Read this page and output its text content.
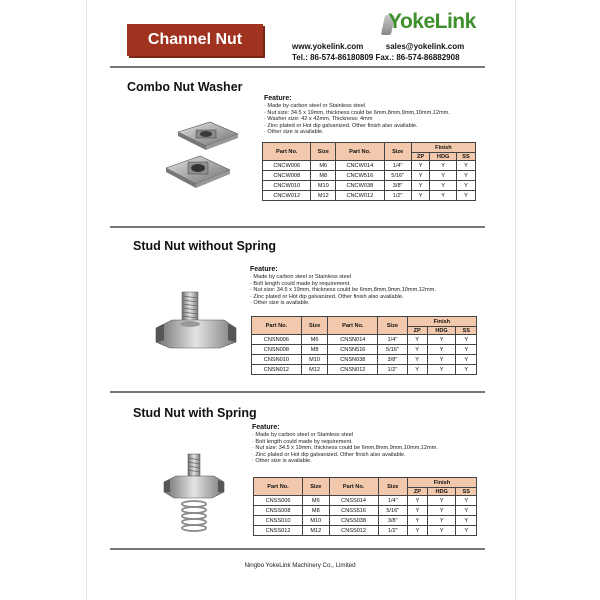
Channel Nut
YokeLink
www.yokelink.com	sales@yokelink.com
Tel.: 86-574-86180809 Fax.: 86-574-86882908
Combo Nut Washer
Feature:
· Made by carbon steel or Stainless steel
· Nut size: 34.5 x 19mm, thickness could be 6mm,8mm,9mm,10mm,12mm.
· Washer size: 42 x 42mm, Thickness: 4mm
· Zinc plated or Hot dip galvanized. Other finish also available.
· Other size is available.
Part No.	Size	Part No.	Size	Finish		
				ZP	HDG	SS
CNCW006	M6	CNCW014	1/4"	Y	Y	Y
CNCW008	M8	CNCW516	5/16"	Y	Y	Y
CNCW010	M10	CNCW038	3/8"	Y	Y	Y
CNCW012	M12	CNCW012	1/2"	Y	Y	Y
Stud Nut without Spring
Feature:
· Made by carbon steel or Stainless steel
· Bolt length could made by requirement.
· Nut size: 34.5 x 19mm, thickness could be 6mm,8mm,9mm,10mm,12mm.
· Zinc plated or Hot dip galvanized. Other finish also available.
· Other size is available.
Part No.	Size	Part No.	Size	Finish		
				ZP	HDG	SS
CNSN006	M6	CNSN014	1/4"	Y	Y	Y
CNSN008	M8	CNSN516	5/16"	Y	Y	Y
CNSN010	M10	CNSN038	3/8"	Y	Y	Y
CNSN012	M12	CNSN012	1/2"	Y	Y	Y
Stud Nut with Spring
Feature:
· Made by carbon steel or Stainless steel
· Bolt length could made by requirement.
· Nut size: 34.5 x 19mm, thickness could be 6mm,8mm,9mm,10mm,12mm.
· Zinc plated or Hot dip galvanized. Other finish also available.
· Other size is available.
Part No.	Size	Part No.	Size	Finish		
				ZP	HDG	SS
CNSS006	M6	CNSS014	1/4"	Y	Y	Y
CNSS008	M8	CNSS516	5/16"	Y	Y	Y
CNSS010	M10	CNSS038	3/8"	Y	Y	Y
CNSS012	M12	CNSS012	1/2"	Y	Y	Y
Ningbo YokeLink Machinery Co., Limited
